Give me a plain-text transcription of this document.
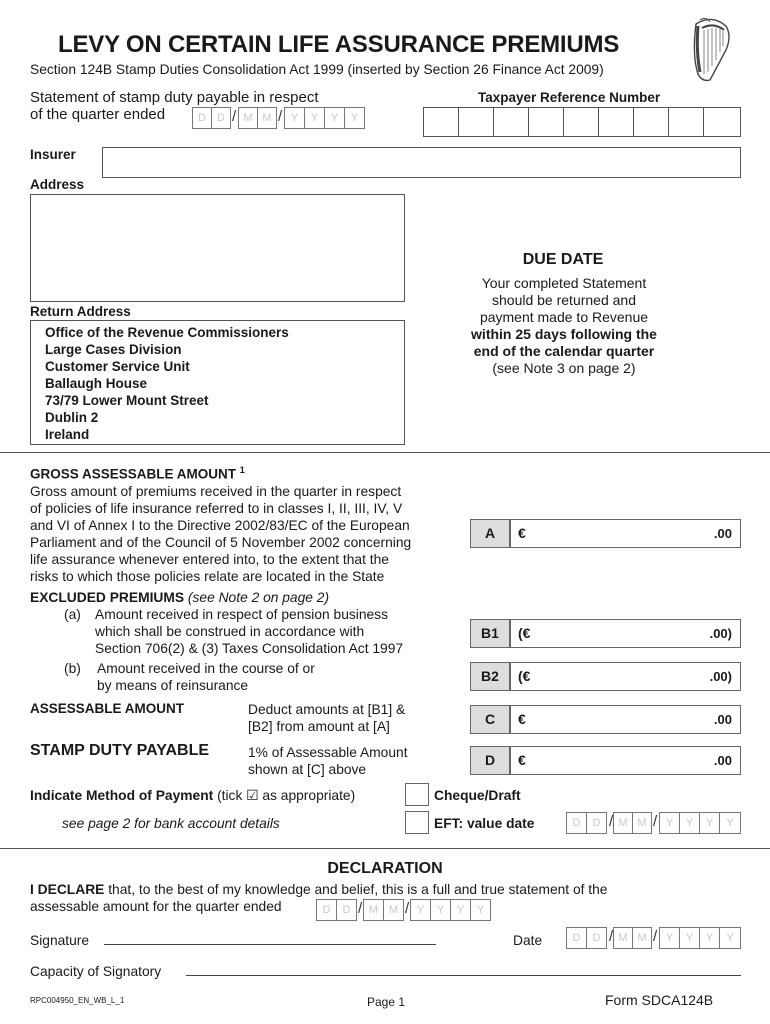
LEVY ON CERTAIN LIFE ASSURANCE PREMIUMS
Section 124B Stamp Duties Consolidation Act 1999 (inserted by Section 26 Finance Act 2009)
Statement of stamp duty payable in respect
of the quarter ended	D	D / M M / Y	Y	Y	Y
Taxpayer Reference Number
Insurer
Address
DUE DATE
Your completed Statement
should be returned and
payment made to Revenue
within 25 days following the
end of the calendar quarter
(see Note 3 on page 2)
Return Address
Office of the Revenue Commissioners
Large Cases Division
Customer Service Unit
Ballaugh House
73/79 Lower Mount Street
Dublin 2
Ireland
GROSS ASSESSABLE AMOUNT $^1$
Gross amount of premiums received in the quarter in respect
of policies of life insurance referred to in classes I, II, III, IV, V
and VI of Annex I to the Directive 2002/83/EC of the European
Parliament and of the Council of 5 November 2002 concerning
life assurance whenever entered into, to the extent that the
risks to which those policies relate are located in the State
EXCLUDED PREMIUMS (see Note 2 on page 2)
(a) Amount received in respect of pension business
which shall be construed in accordance with
Section 706(2) & (3) Taxes Consolidation Act 1997
(b) Amount received in the course of or
by means of reinsurance
ASSESSABLE AMOUNT	Deduct amounts at [B1] &
[B2] from amount at [A]
STAMP DUTY PAYABLE	1% of Assessable Amount
shown at [C] above
A	€	.00
B1	(€	.00)
B2	(€	.00)
C	€	.00
D	€	.00
Indicate Method of Payment (tick ☑ as appropriate)	Cheque/Draft
see page 2 for bank account details	EFT: value date	D	D / M M / Y	Y	Y	Y
DECLARATION
I DECLARE that, to the best of my knowledge and belief, this is a full and true statement of the
assessable amount for the quarter ended	D	D / M M / Y	Y	Y	Y
Signature	Date	D	D / M M / Y	Y	Y	Y
Capacity of Signatory
RPC004950_EN_WB_L_1	Page 1	Form SDCA124B
